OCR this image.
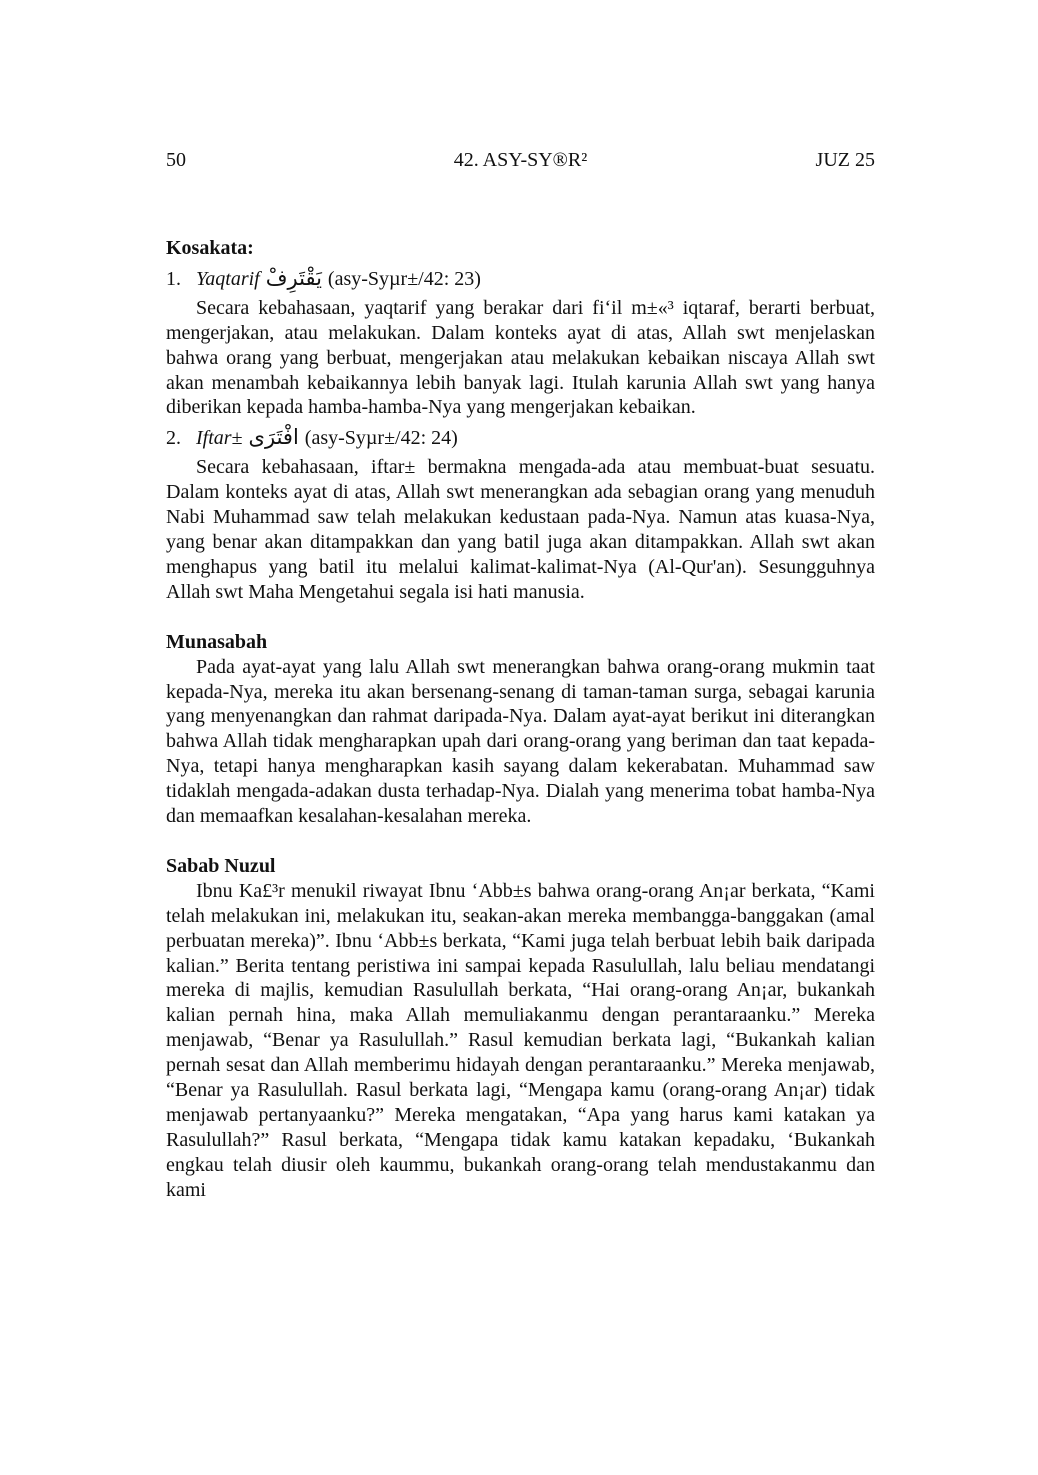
50	42. ASY-SY®R²	JUZ 25
Kosakata:
1. Yaqtarif يَقْتَرِفْ (asy-Syµr±/42: 23)

Secara kebahasaan, yaqtarif yang berakar dari fi‘il m±«³ iqtaraf, berarti berbuat, mengerjakan, atau melakukan. Dalam konteks ayat di atas, Allah swt menjelaskan bahwa orang yang berbuat, mengerjakan atau melakukan kebaikan niscaya Allah swt akan menambah kebaikannya lebih banyak lagi. Itulah karunia Allah swt yang hanya diberikan kepada hamba-hamba-Nya yang mengerjakan kebaikan.

2. Iftar± افْتَرَى (asy-Syµr±/42: 24)

Secara kebahasaan, iftar± bermakna mengada-ada atau membuat-buat sesuatu. Dalam konteks ayat di atas, Allah swt menerangkan ada sebagian orang yang menuduh Nabi Muhammad saw telah melakukan kedustaan pada-Nya. Namun atas kuasa-Nya, yang benar akan ditampakkan dan yang batil juga akan ditampakkan. Allah swt akan menghapus yang batil itu melalui kalimat-kalimat-Nya (Al-Qur'an). Sesungguhnya Allah swt Maha Mengetahui segala isi hati manusia.

Munasabah

Pada ayat-ayat yang lalu Allah swt menerangkan bahwa orang-orang mukmin taat kepada-Nya, mereka itu akan bersenang-senang di taman-taman surga, sebagai karunia yang menyenangkan dan rahmat daripada-Nya. Dalam ayat-ayat berikut ini diterangkan bahwa Allah tidak mengharapkan upah dari orang-orang yang beriman dan taat kepada-Nya, tetapi hanya mengharapkan kasih sayang dalam kekerabatan. Muhammad saw tidaklah mengada-adakan dusta terhadap-Nya. Dialah yang menerima tobat hamba-Nya dan memaafkan kesalahan-kesalahan mereka.

Sabab Nuzul

Ibnu Ka£³r menukil riwayat Ibnu ‘Abb±s bahwa orang-orang An¡ar berkata, “Kami telah melakukan ini, melakukan itu, seakan-akan mereka membangga-banggakan (amal perbuatan mereka)”. Ibnu ‘Abb±s berkata, “Kami juga telah berbuat lebih baik daripada kalian.” Berita tentang peristiwa ini sampai kepada Rasulullah, lalu beliau mendatangi mereka di majlis, kemudian Rasulullah berkata, “Hai orang-orang An¡ar, bukankah kalian pernah hina, maka Allah memuliakanmu dengan perantaraanku.” Mereka menjawab, “Benar ya Rasulullah.” Rasul kemudian berkata lagi, “Bukankah kalian pernah sesat dan Allah memberimu hidayah dengan perantaraanku.” Mereka menjawab, “Benar ya Rasulullah. Rasul berkata lagi, “Mengapa kamu (orang-orang An¡ar) tidak menjawab pertanyaanku?” Mereka mengatakan, “Apa yang harus kami katakan ya Rasulullah?” Rasul berkata, “Mengapa tidak kamu katakan kepadaku, ‘Bukankah engkau telah diusir oleh kaummu, bukankah orang-orang telah mendustakanmu dan kami
